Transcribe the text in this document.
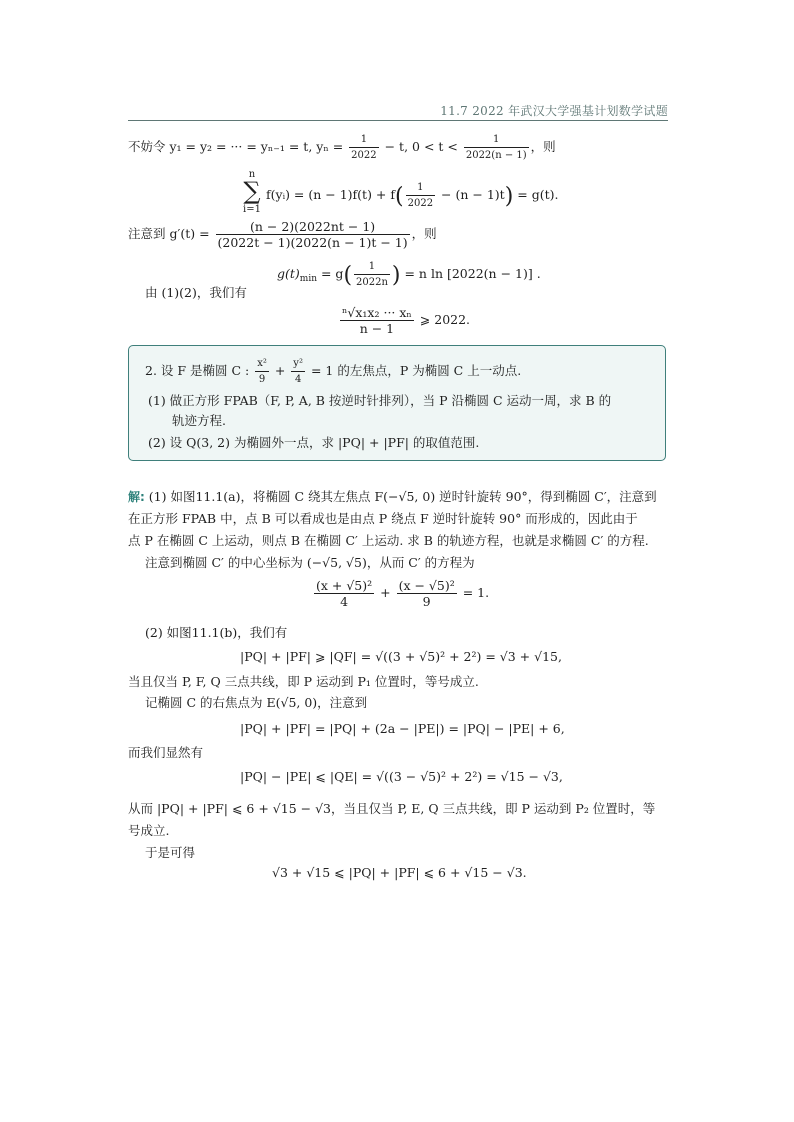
11.7 2022 年武汉大学强基计划数学试题
不妨令 y₁ = y₂ = ··· = yₙ₋₁ = t, $y_n = \frac{1}{2022} - t$, $0 < t < \frac{1}{2022(n - 1)}$ ，则
n
∑
i=1
f(yᵢ) = $(n - 1)f(t) + f( \frac{1}{2022} - (n - 1)t) = g(t)$.
注意到 $g'(t) = \frac{(n - 2)(2022nt - 1)}{(2022t - 1)(2022(n - 1)t - 1)}$ ，则
$g(t)_{min} = g( \frac{1}{2022n}$ ) = n ln [2022(n − 1)] .
由 (1)(2)，我们有
$\frac{\text{ⁿ√x₁x₂ ··· xₙ}}{n - 1}$ ⩾ 2022.
2. 设 F 是椭圆 C : $\frac{\text{x²}}{9} + \frac{\text{y²}}{4} = 1$ 的左焦点，P 为椭圆 C 上一动点.
(1) 做正方形 FPAB（F, P, A, B 按逆时针排列），当 P 沿椭圆 C 运动一周，求 B 的
轨迹方程.
(2) 设 Q(3, 2) 为椭圆外一点，求 |PQ| + |PF| 的取值范围.
解: (1) 如图11.1(a)，将椭圆 C 绕其左焦点 F(−√5, 0) 逆时针旋转 90°，得到椭圆 C′，注意到
在正方形 FPAB 中，点 B 可以看成也是由点 P 绕点 F 逆时针旋转 90° 而形成的，因此由于
点 P 在椭圆 C 上运动，则点 B 在椭圆 C′ 上运动. 求 B 的轨迹方程，也就是求椭圆 C′ 的方程.
注意到椭圆 C′ 的中心坐标为 (−√5, √5)，从而 C′ 的方程为
$\frac{\text{(x + √5)²}}{4} + \frac{\text{(x − √5)²}}{9} = 1$.
(2) 如图11.1(b)，我们有
|PQ| + |PF| ⩾ |QF| = √((3 + √5)² + 2²) = √3 + √15,
当且仅当 P, F, Q 三点共线，即 P 运动到 P₁ 位置时，等号成立.
记椭圆 C 的右焦点为 E(√5, 0)，注意到
|PQ| + |PF| = |PQ| + (2a − |PE|) = |PQ| − |PE| + 6,
而我们显然有
|PQ| − |PE| ⩽ |QE| = √((3 − √5)² + 2²) = √15 − √3,
从而 |PQ| + |PF| ⩽ 6 + √15 − √3，当且仅当 P, E, Q 三点共线，即 P 运动到 P₂ 位置时，等
号成立.
于是可得
√3 + √15 ⩽ |PQ| + |PF| ⩽ 6 + √15 − √3.
